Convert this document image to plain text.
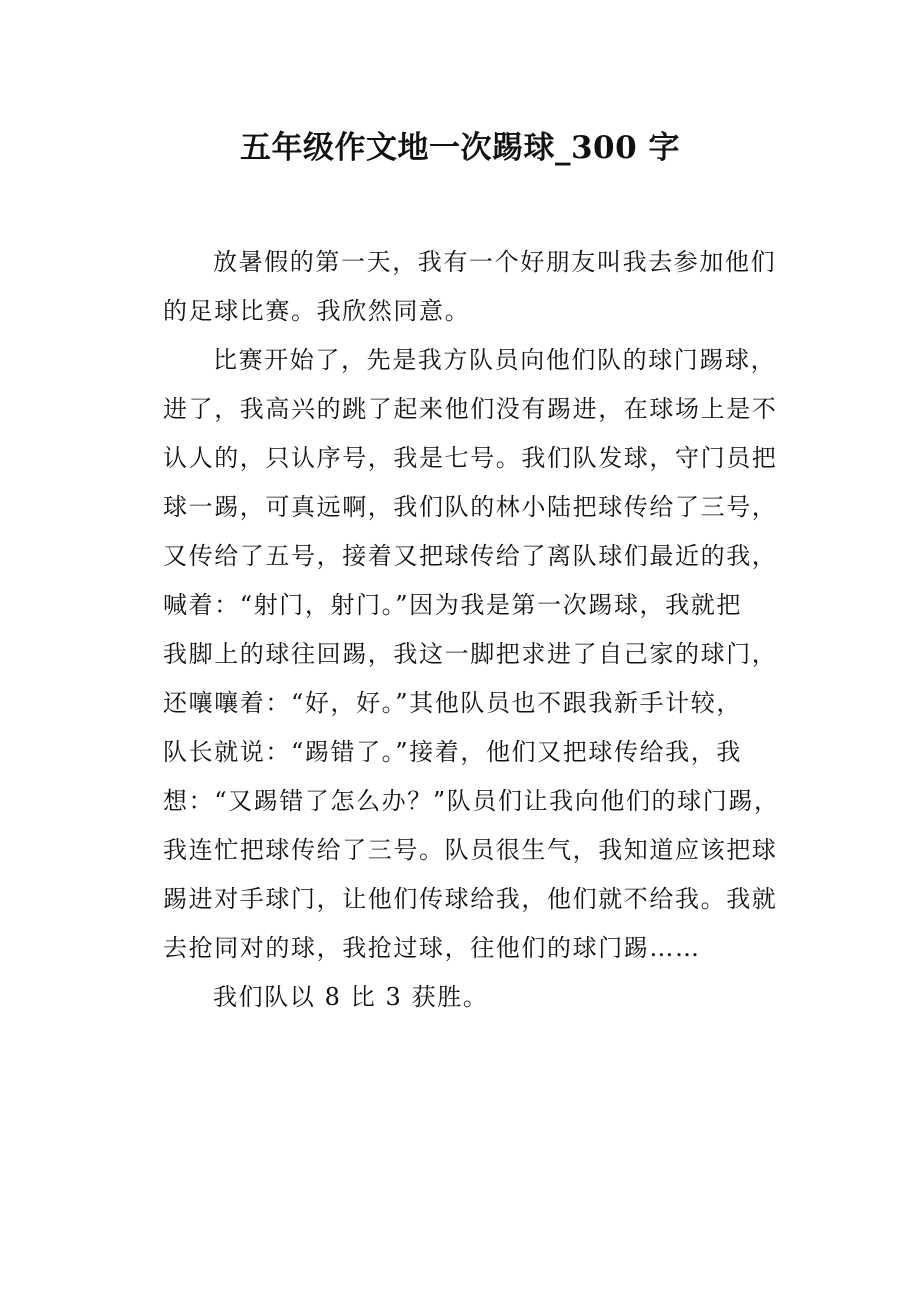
五年级作文地一次踢球_300 字
放暑假的第一天，我有一个好朋友叫我去参加他们
的足球比赛。我欣然同意。
比赛开始了，先是我方队员向他们队的球门踢球，
进了，我高兴的跳了起来他们没有踢进，在球场上是不
认人的，只认序号，我是七号。我们队发球，守门员把
球一踢，可真远啊，我们队的林小陆把球传给了三号，
又传给了五号，接着又把球传给了离队球们最近的我，
喊着：“射门，射门。”因为我是第一次踢球，我就把
我脚上的球往回踢，我这一脚把求进了自己家的球门，
还嚷嚷着：“好，好。”其他队员也不跟我新手计较，
队长就说：“踢错了。”接着，他们又把球传给我，我
想：“又踢错了怎么办？”队员们让我向他们的球门踢，
我连忙把球传给了三号。队员很生气，我知道应该把球
踢进对手球门，让他们传球给我，他们就不给我。我就
去抢同对的球，我抢过球，往他们的球门踢……
我们队以 8 比 3 获胜。
